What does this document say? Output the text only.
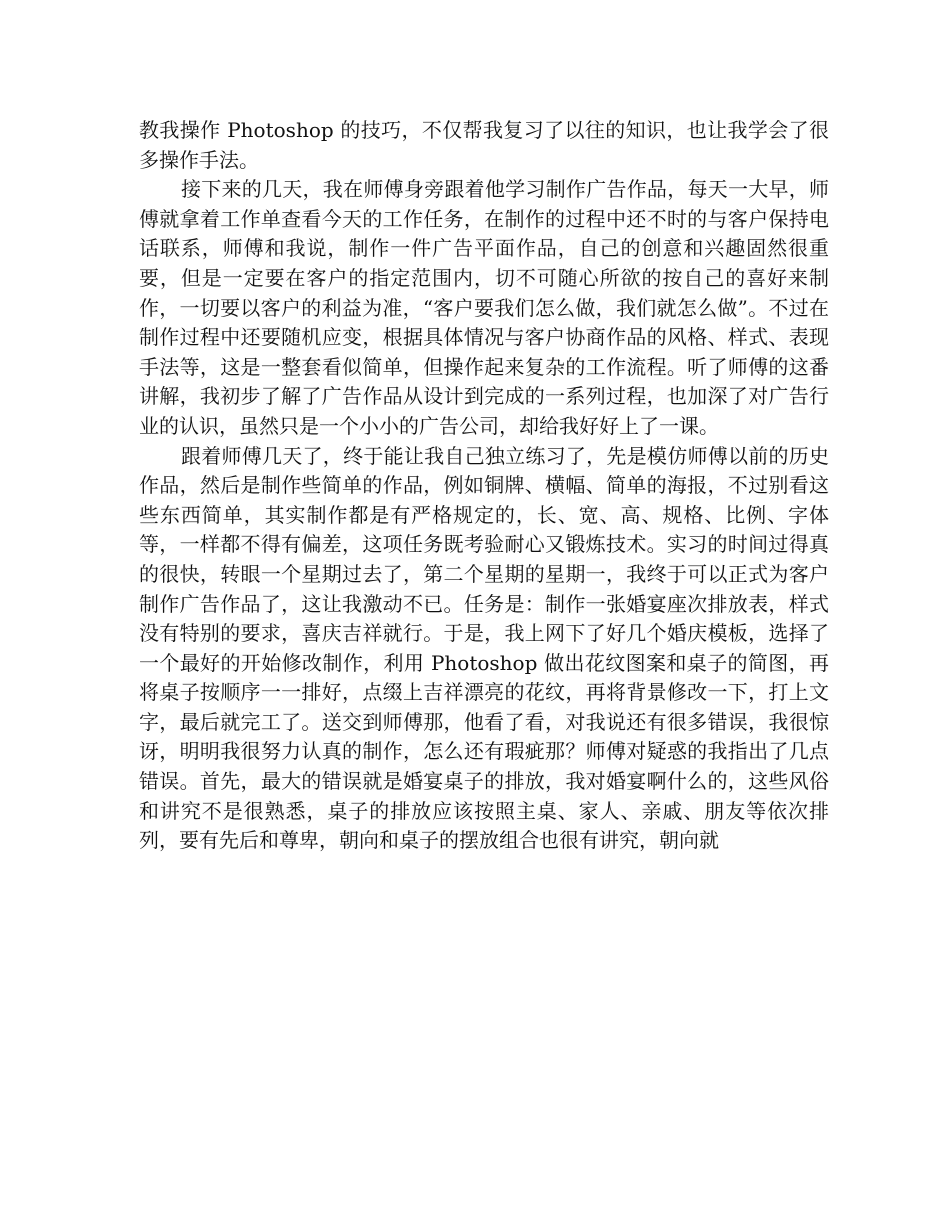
教我操作 Photoshop 的技巧，不仅帮我复习了以往的知识，也让我学会了很多操作手法。

接下来的几天，我在师傅身旁跟着他学习制作广告作品，每天一大早，师傅就拿着工作单查看今天的工作任务，在制作的过程中还不时的与客户保持电话联系，师傅和我说，制作一件广告平面作品，自己的创意和兴趣固然很重要，但是一定要在客户的指定范围内，切不可随心所欲的按自己的喜好来制作，一切要以客户的利益为准，“客户要我们怎么做，我们就怎么做”。不过在制作过程中还要随机应变，根据具体情况与客户协商作品的风格、样式、表现手法等，这是一整套看似简单，但操作起来复杂的工作流程。听了师傅的这番讲解，我初步了解了广告作品从设计到完成的一系列过程，也加深了对广告行业的认识，虽然只是一个小小的广告公司，却给我好好上了一课。

跟着师傅几天了，终于能让我自己独立练习了，先是模仿师傅以前的历史作品，然后是制作些简单的作品，例如铜牌、横幅、简单的海报，不过别看这些东西简单，其实制作都是有严格规定的，长、宽、高、规格、比例、字体等，一样都不得有偏差，这项任务既考验耐心又锻炼技术。实习的时间过得真的很快，转眼一个星期过去了，第二个星期的星期一，我终于可以正式为客户制作广告作品了，这让我激动不已。任务是：制作一张婚宴座次排放表，样式没有特别的要求，喜庆吉祥就行。于是，我上网下了好几个婚庆模板，选择了一个最好的开始修改制作，利用 Photoshop 做出花纹图案和桌子的简图，再将桌子按顺序一一排好，点缀上吉祥漂亮的花纹，再将背景修改一下，打上文字，最后就完工了。送交到师傅那，他看了看，对我说还有很多错误，我很惊讶，明明我很努力认真的制作，怎么还有瑕疵那？师傅对疑惑的我指出了几点错误。首先，最大的错误就是婚宴桌子的排放，我对婚宴啊什么的，这些风俗和讲究不是很熟悉，桌子的排放应该按照主桌、家人、亲戚、朋友等依次排列，要有先后和尊卑，朝向和桌子的摆放组合也很有讲究，朝向就
